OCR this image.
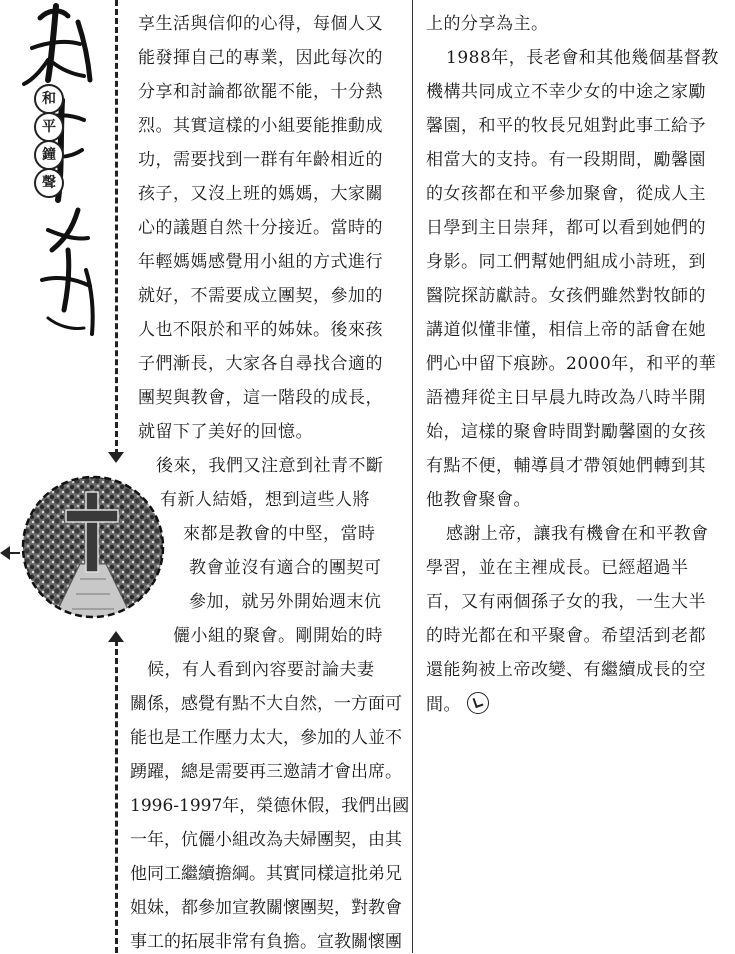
和
平
鐘
聲
享生活與信仰的心得，每個人又
能發揮自己的專業，因此每次的
分享和討論都欲罷不能，十分熱
烈。其實這樣的小組要能推動成
功，需要找到一群有年齡相近的
孩子，又沒上班的媽媽，大家關
心的議題自然十分接近。當時的
年輕媽媽感覺用小組的方式進行
就好，不需要成立團契，參加的
人也不限於和平的姊妹。後來孩
子們漸長，大家各自尋找合適的
團契與教會，這一階段的成長，
就留下了美好的回憶。
後來，我們又注意到社青不斷
有新人結婚，想到這些人將
來都是教會的中堅，當時
教會並沒有適合的團契可
參加，就另外開始週末伉
儷小組的聚會。剛開始的時
候，有人看到內容要討論夫妻
關係，感覺有點不大自然，一方面可
能也是工作壓力太大，參加的人並不
踴躍，總是需要再三邀請才會出席。
1996-1997年，榮德休假，我們出國
一年，伉儷小組改為夫婦團契，由其
他同工繼續擔綱。其實同樣這批弟兄
姐妹，都參加宣教關懷團契，對教會
事工的拓展非常有負擔。宣教關懷團
上的分享為主。
1988年，長老會和其他幾個基督教
機構共同成立不幸少女的中途之家勵
馨園，和平的牧長兄姐對此事工給予
相當大的支持。有一段期間，勵馨園
的女孩都在和平參加聚會，從成人主
日學到主日崇拜，都可以看到她們的
身影。同工們幫她們組成小詩班，到
醫院探訪獻詩。女孩們雖然對牧師的
講道似懂非懂，相信上帝的話會在她
們心中留下痕跡。2000年，和平的華
語禮拜從主日早晨九時改為八時半開
始，這樣的聚會時間對勵馨園的女孩
有點不便，輔導員才帶領她們轉到其
他教會聚會。
感謝上帝，讓我有機會在和平教會
學習，並在主裡成長。已經超過半
百，又有兩個孫子女的我，一生大半
的時光都在和平聚會。希望活到老都
還能夠被上帝改變、有繼續成長的空
間。
